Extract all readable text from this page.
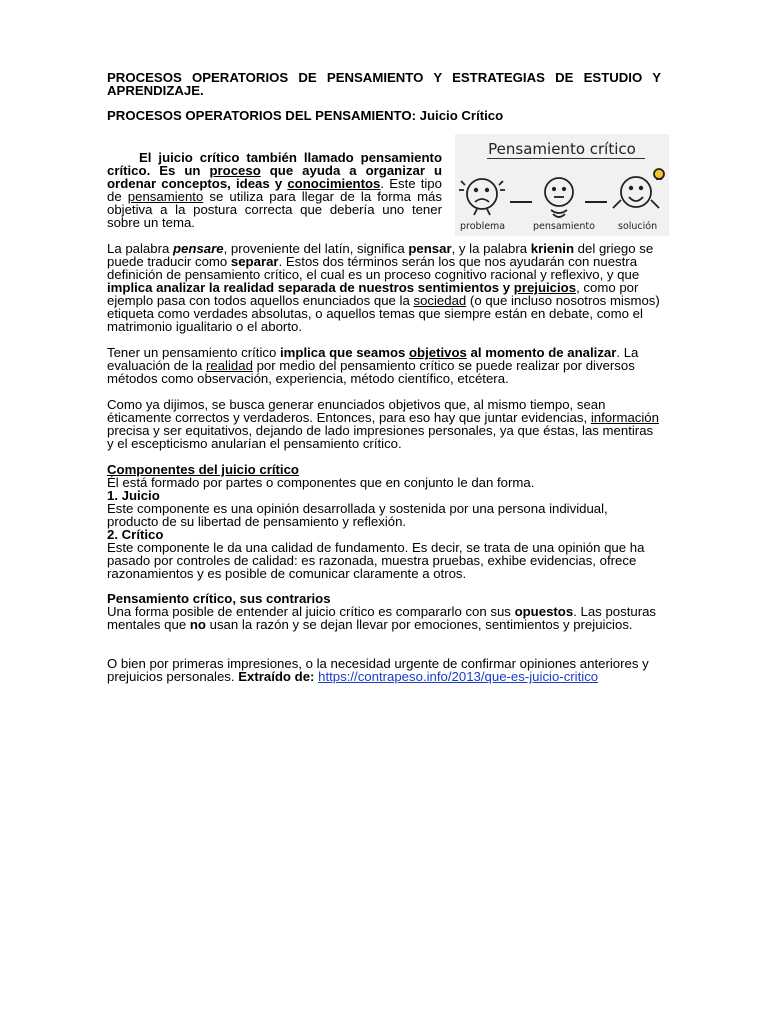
PROCESOS OPERATORIOS DE PENSAMIENTO Y ESTRATEGIAS DE ESTUDIO Y APRENDIZAJE.

PROCESOS OPERATORIOS DEL PENSAMIENTO: Juicio Crítico

Pensamiento crítico
problema	pensamiento solución

El juicio crítico también llamado pensamiento crítico. Es un proceso que ayuda a organizar u ordenar conceptos, ideas y conocimientos. Este tipo de pensamiento se utiliza para llegar de la forma más objetiva a la postura correcta que debería uno tener sobre un tema.

La palabra pensare, proveniente del latín, significa pensar, y la palabra krienin del griego se puede traducir como separar. Estos dos términos serán los que nos ayudarán con nuestra definición de pensamiento crítico, el cual es un proceso cognitivo racional y reflexivo, y que implica analizar la realidad separada de nuestros sentimientos y prejuicios, como por ejemplo pasa con todos aquellos enunciados que la sociedad (o que incluso nosotros mismos) etiqueta como verdades absolutas, o aquellos temas que siempre están en debate, como el matrimonio igualitario o el aborto.

Tener un pensamiento crítico implica que seamos objetivos al momento de analizar. La evaluación de la realidad por medio del pensamiento crítico se puede realizar por diversos métodos como observación, experiencia, método científico, etcétera.

Como ya dijimos, se busca generar enunciados objetivos que, al mismo tiempo, sean éticamente correctos y verdaderos. Entonces, para eso hay que juntar evidencias, información precisa y ser equitativos, dejando de lado impresiones personales, ya que éstas, las mentiras y el escepticismo anularían el pensamiento crítico.

Componentes del juicio crítico

Él está formado por partes o componentes que en conjunto le dan forma.

1. Juicio

Este componente es una opinión desarrollada y sostenida por una persona individual, producto de su libertad de pensamiento y reflexión.

2. Crítico

Este componente le da una calidad de fundamento. Es decir, se trata de una opinión que ha pasado por controles de calidad: es razonada, muestra pruebas, exhibe evidencias, ofrece razonamientos y es posible de comunicar claramente a otros.

Pensamiento crítico, sus contrarios

Una forma posible de entender al juicio crítico es compararlo con sus opuestos. Las posturas mentales que no usan la razón y se dejan llevar por emociones, sentimientos y prejuicios.

O bien por primeras impresiones, o la necesidad urgente de confirmar opiniones anteriores y prejuicios personales. Extraído de: https://contrapeso.info/2013/que-es-juicio-critico
